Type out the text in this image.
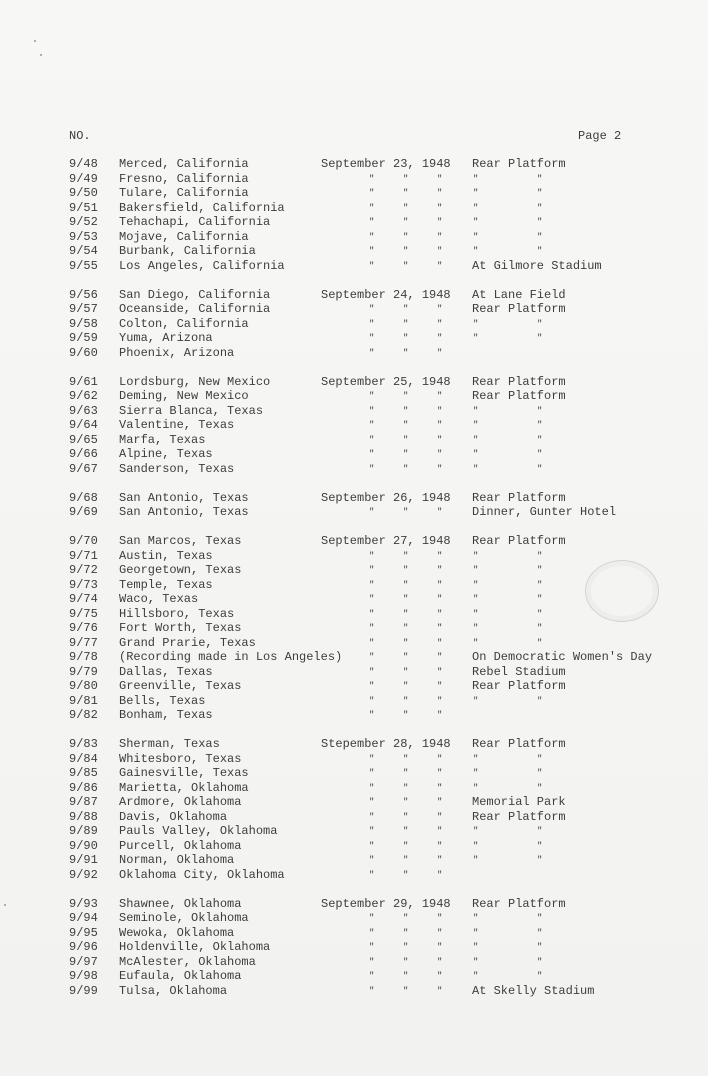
NO.	Page 2
9/48 Merced, California	September 23, 1948 Rear Platform
9/49 Fresno, California	"	"	"	"	"
9/50 Tulare, California	"	"	"	"	"
9/51 Bakersfield, California	"	"	"	"	"
9/52 Tehachapi, California	"	"	"	"	"
9/53 Mojave, California	"	"	"	"	"
9/54 Burbank, California	"	"	"	"	"
9/55 Los Angeles, California	"	"	" At Gilmore Stadium
9/56 San Diego, California	September 24, 1948 At Lane Field
9/57 Oceanside, California	"	"	" Rear Platform
9/58 Colton, California	"	"	"	"	"
9/59 Yuma, Arizona	"	"	"	"	"
9/60 Phoenix, Arizona	"	"	"
9/61 Lordsburg, New Mexico	September 25, 1948 Rear Platform
9/62 Deming, New Mexico	"	"	" Rear Platform
9/63 Sierra Blanca, Texas	"	"	"	"	"
9/64 Valentine, Texas	"	"	"	"	"
9/65 Marfa, Texas	"	"	"	"	"
9/66 Alpine, Texas	"	"	"	"	"
9/67 Sanderson, Texas	"	"	"	"	"
9/68 San Antonio, Texas	September 26, 1948 Rear Platform
9/69 San Antonio, Texas	"	"	" Dinner, Gunter Hotel
9/70 San Marcos, Texas	September 27, 1948 Rear Platform
9/71 Austin, Texas	"	"	"	"	"
9/72 Georgetown, Texas	"	"	"	"	"
9/73 Temple, Texas	"	"	"	"	"
9/74 Waco, Texas	"	"	"	"	"
9/75 Hillsboro, Texas	"	"	"	"	"
9/76 Fort Worth, Texas	"	"	"	"	"
9/77 Grand Prarie, Texas	"	"	"	"	"
9/78 (Recording made in Los Angeles)	"	"	" On Democratic Women's Day
9/79 Dallas, Texas	"	"	" Rebel Stadium
9/80 Greenville, Texas	"	"	" Rear Platform
9/81 Bells, Texas	"	"	"	"	"
9/82 Bonham, Texas	"	"	"
9/83 Sherman, Texas	Stepember 28, 1948 Rear Platform
9/84 Whitesboro, Texas	"	"	"	"	"
9/85 Gainesville, Texas	"	"	"	"	"
9/86 Marietta, Oklahoma	"	"	"	"	"
9/87 Ardmore, Oklahoma	"	"	" Memorial Park
9/88 Davis, Oklahoma	"	"	" Rear Platform
9/89 Pauls Valley, Oklahoma	"	"	"	"	"
9/90 Purcell, Oklahoma	"	"	"	"	"
9/91 Norman, Oklahoma	"	"	"	"	"
9/92 Oklahoma City, Oklahoma	"	"	"
9/93 Shawnee, Oklahoma	September 29, 1948 Rear Platform
9/94 Seminole, Oklahoma	"	"	"	"	"
9/95 Wewoka, Oklahoma	"	"	"	"	"
9/96 Holdenville, Oklahoma	"	"	"	"	"
9/97 McAlester, Oklahoma	"	"	"	"	"
9/98 Eufaula, Oklahoma	"	"	"	"	"
9/99 Tulsa, Oklahoma	"	"	" At Skelly Stadium
